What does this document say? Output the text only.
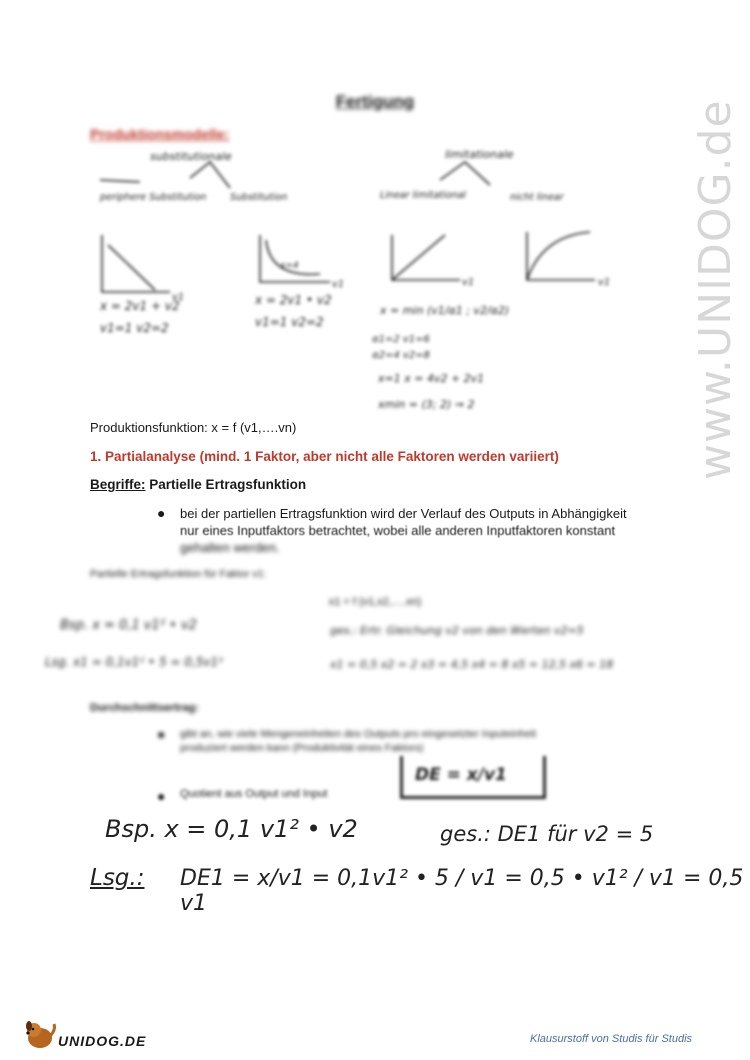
Fertigung
Produktionsmodelle:
substitutionale	limitationale
periphere Substitution Substitution	Linear limitational	nicht linear
v1
v1	v1	v1
x=4
x = 2v1 + v2
v1=1 v2=2
x = 2v1 • v2
v1=1 v2=2
x = min (v1/α1 ; v2/α2)
α1=2 v1=6
α2=4 v2=8
x=1 x = 4v2 + 2v1
xmin = (3; 2) ⇒ 2
Produktionsfunktion: x = f (v1,….vn)
1. Partialanalyse (mind. 1 Faktor, aber nicht alle Faktoren werden variiert)
Begriffe: Partielle Ertragsfunktion
● bei der partiellen Ertragsfunktion wird der Verlauf des Outputs in Abhängigkeit
nur eines Inputfaktors betrachtet, wobei alle anderen Inputfaktoren konstant
gehalten werden.
Partielle Ertragsfunktion für Faktor v1:
x1 = f (v1,x2,….xn)
Bsp. x = 0,1 v1² • v2	ges.: Ertr. Gleichung v2 von den Werten v2=5
Lsg. x1 = 0,1v1² • 5 = 0,5v1²	x1 = 0,5 x2 = 2 x3 = 4,5 x4 = 8 x5 = 12,5 x6 = 18
Durchschnittsertrag:
● gibt an, wie viele Mengeneinheiten des Outputs pro eingesetzter Inputeinheit produziert werden kann (Produktivität eines Faktors)
● Quotient aus Output und Input
DE = x/v1
Bsp. x = 0,1 v1² • v2	ges.: DE1 für v2 = 5
Lsg.: DE1 = x/v1 = 0,1v1² • 5 / v1 = 0,5 • v1² / v1 = 0,5 v1
www.UNIDOG.de
UNIDOG.DE	Klausurstoff von Studis für Studis
